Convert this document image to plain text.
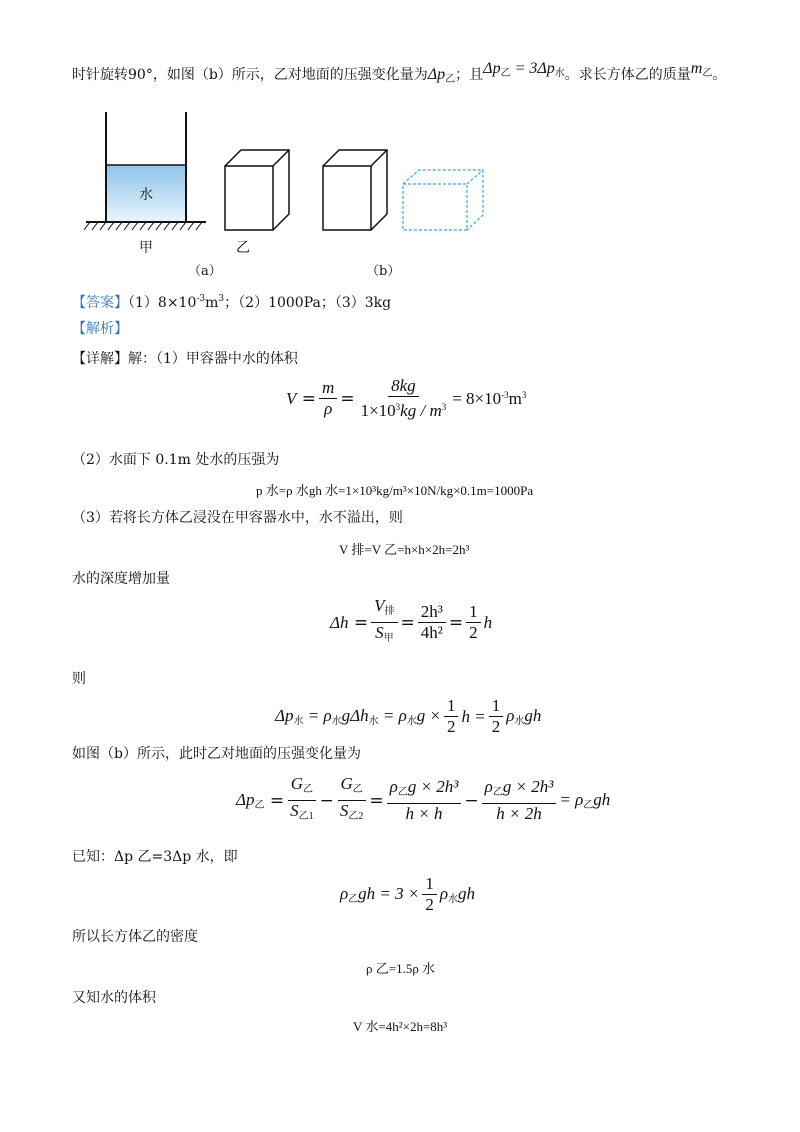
时针旋转90°，如图（b）所示，乙对地面的压强变化量为$\Delta p_乙$；且$\Delta p_乙 = 3\Delta p_水$。求长方体乙的质量$m_乙$。
水
甲	乙
（a）	（b）
【答案】$(1)8\times 10^{-3}m^3$；（2）1000Pa；（3）3kg
【解析】
【详解】解：（1）甲容器中水的体积
$V = \frac{m}{\rho} = \frac{8kg}{1\times 10^3kg / m^3} = 8\times 10^{-3}m^3$
（2）水面下 0.1m 处水的压强为
p 水=ρ 水gh 水=1×10³kg/m³×10N/kg×0.1m=1000Pa
（3）若将长方体乙浸没在甲容器水中，水不溢出，则
V 排=V 乙=h×h×2h=2h³
水的深度增加量
$\Delta h = \frac{V_排}{S_甲} = \frac{\text{2h³}}{\text{4h²}} = \frac{1}{2}$ h
则
$\Delta p_水 = \rho_水g\Delta h_水 = \rho_水g \times \frac{1}{2}$ $h = \frac{1}{2} \rho_水gh$
如图（b）所示，此时乙对地面的压强变化量为
$\Delta p_乙 = \frac{G_乙}{S_{乙1}} - \frac{G_乙}{S_{乙2}} = \frac{\rho_乙g \times 2h^3}{h \times h} - \frac{\rho_乙g \times 2h^3}{h \times 2h} = \rho_乙gh$
已知：Δp 乙=3Δp 水，即
$\rho_乙gh = 3 \times \frac{1}{2} \rho_水gh$
所以长方体乙的密度
ρ 乙=1.5ρ 水
又知水的体积
V 水=4h²×2h=8h³
